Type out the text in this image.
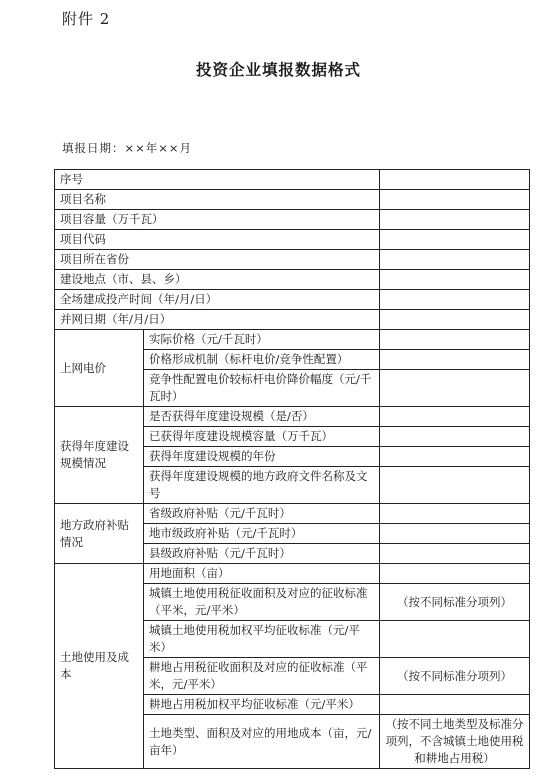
附件 2
投资企业填报数据格式
填报日期：××年××月
序号		
项目名称		
项目容量（万千瓦）		
项目代码		
项目所在省份		
建设地点（市、县、乡）		
全场建成投产时间（年/月/日）		
并网日期（年/月/日）		
上网电价	实际价格（元/千瓦时）	
	价格形成机制（标杆电价/竞争性配置）	
	竞争性配置电价较标杆电价降价幅度（元/千瓦时）	
获得年度建设规模情况	是否获得年度建设规模（是/否）	
	已获得年度建设规模容量（万千瓦）	
	获得年度建设规模的年份	
	获得年度建设规模的地方政府文件名称及文号	
地方政府补贴情况	省级政府补贴（元/千瓦时）	
	地市级政府补贴（元/千瓦时）	
	县级政府补贴（元/千瓦时）	
土地使用及成本	用地面积（亩）	
	城镇土地使用税征收面积及对应的征收标准（平米，元/平米）	（按不同标准分项列）
	城镇土地使用税加权平均征收标准（元/平米）	
	耕地占用税征收面积及对应的征收标准（平米，元/平米）	（按不同标准分项列）
	耕地占用税加权平均征收标准（元/平米）	
	土地类型、面积及对应的用地成本（亩，元/亩年）	（按不同土地类型及标准分项列，不含城镇土地使用税和耕地占用税）
